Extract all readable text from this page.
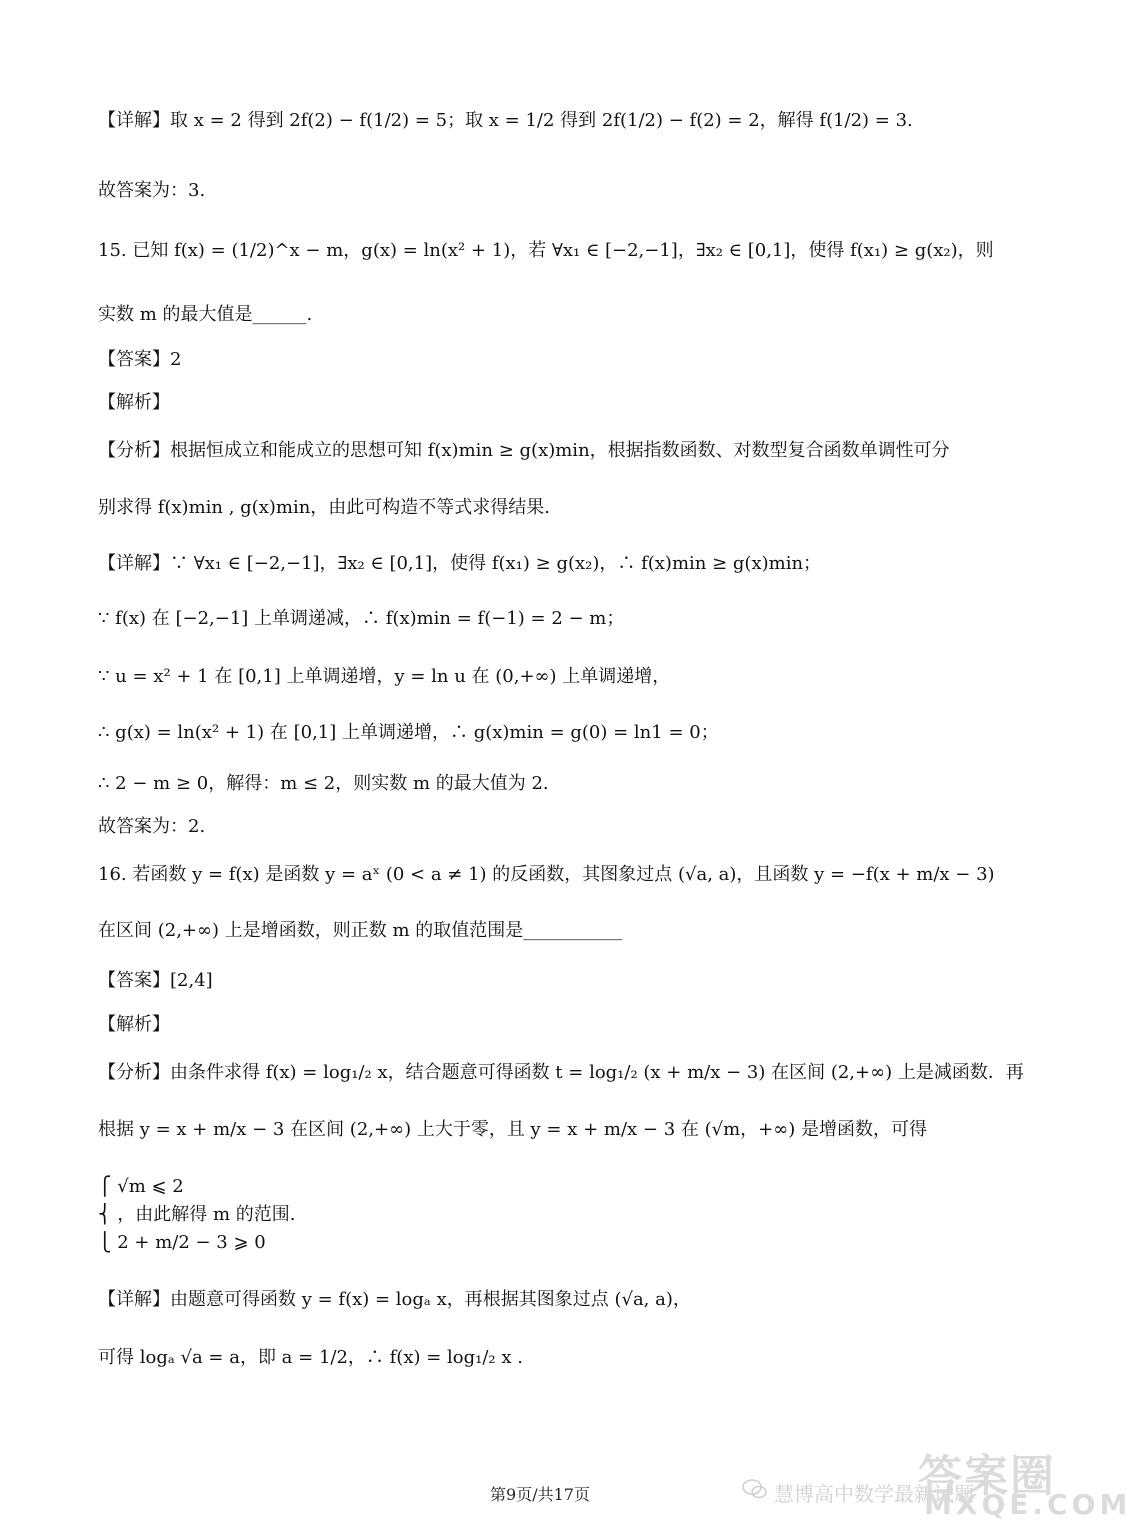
【详解】取 x = 2 得到 2f(2) − f(1/2) = 5；取 x = 1/2 得到 2f(1/2) − f(2) = 2，解得 f(1/2) = 3.
故答案为：3.
15. 已知 f(x) = (1/2)^x − m，g(x) = ln(x² + 1)，若 ∀x₁ ∈ [−2,−1]，∃x₂ ∈ [0,1]，使得 f(x₁) ≥ g(x₂)，则
实数 m 的最大值是______.
【答案】2
【解析】
【分析】根据恒成立和能成立的思想可知 f(x)min ≥ g(x)min，根据指数函数、对数型复合函数单调性可分
别求得 f(x)min , g(x)min，由此可构造不等式求得结果.
【详解】∵ ∀x₁ ∈ [−2,−1]，∃x₂ ∈ [0,1]，使得 f(x₁) ≥ g(x₂)，∴ f(x)min ≥ g(x)min；
∵ f(x) 在 [−2,−1] 上单调递减，∴ f(x)min = f(−1) = 2 − m；
∵ u = x² + 1 在 [0,1] 上单调递增，y = ln u 在 (0,+∞) 上单调递增，
∴ g(x) = ln(x² + 1) 在 [0,1] 上单调递增，∴ g(x)min = g(0) = ln1 = 0；
∴ 2 − m ≥ 0，解得：m ≤ 2，则实数 m 的最大值为 2.
故答案为：2.
16. 若函数 y = f(x) 是函数 y = aˣ (0 < a ≠ 1) 的反函数，其图象过点 (√a, a)，且函数 y = −f(x + m/x − 3)
在区间 (2,+∞) 上是增函数，则正数 m 的取值范围是___________
【答案】[2,4]
【解析】
【分析】由条件求得 f(x) = log₁/₂ x，结合题意可得函数 t = log₁/₂ (x + m/x − 3) 在区间 (2,+∞) 上是减函数．再
根据 y = x + m/x − 3 在区间 (2,+∞) 上大于零，且 y = x + m/x − 3 在 (√m，+∞) 是增函数，可得
⎧ √m ⩽ 2
⎨ ，由此解得 m 的范围.
⎩ 2 + m/2 − 3 ⩾ 0
【详解】由题意可得函数 y = f(x) = logₐ x，再根据其图象过点 (√a, a)，
可得 logₐ √a = a，即 a = 1/2，∴ f(x) = log₁/₂ x .
慧博高中数学最新试题
答案圈
MXQE.COM
第9页/共17页
